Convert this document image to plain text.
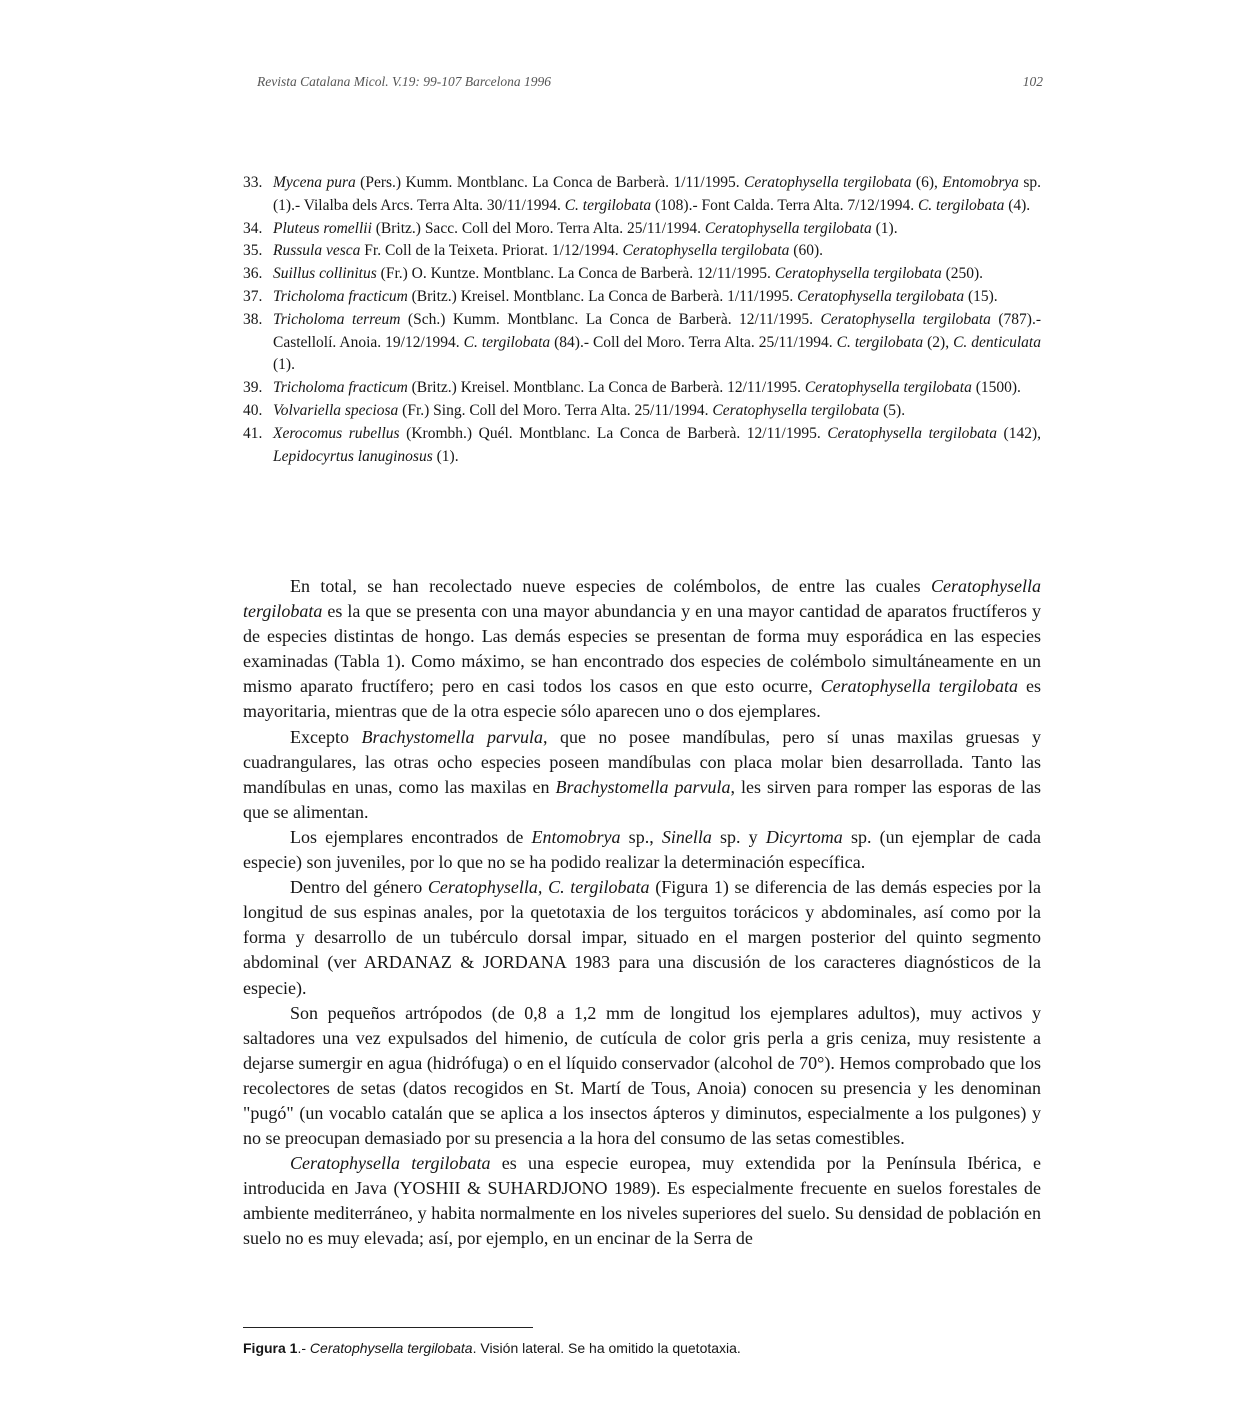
Revista Catalana Micol. V.19: 99-107 Barcelona 1996	102
33. Mycena pura (Pers.) Kumm. Montblanc. La Conca de Barberà. 1/11/1995. Ceratophysella tergilobata (6), Entomobrya sp. (1).- Vilalba dels Arcs. Terra Alta. 30/11/1994. C. tergilobata (108).- Font Calda. Terra Alta. 7/12/1994. C. tergilobata (4).
34. Pluteus romellii (Britz.) Sacc. Coll del Moro. Terra Alta. 25/11/1994. Ceratophysella tergilobata (1).
35. Russula vesca Fr. Coll de la Teixeta. Priorat. 1/12/1994. Ceratophysella tergilobata (60).
36. Suillus collinitus (Fr.) O. Kuntze. Montblanc. La Conca de Barberà. 12/11/1995. Ceratophysella tergilobata (250).
37. Tricholoma fracticum (Britz.) Kreisel. Montblanc. La Conca de Barberà. 1/11/1995. Ceratophysella tergilobata (15).
38. Tricholoma terreum (Sch.) Kumm. Montblanc. La Conca de Barberà. 12/11/1995. Ceratophysella tergilobata (787).- Castellolí. Anoia. 19/12/1994. C. tergilobata (84).- Coll del Moro. Terra Alta. 25/11/1994. C. tergilobata (2), C. denticulata (1).
39. Tricholoma fracticum (Britz.) Kreisel. Montblanc. La Conca de Barberà. 12/11/1995. Ceratophysella tergilobata (1500).
40. Volvariella speciosa (Fr.) Sing. Coll del Moro. Terra Alta. 25/11/1994. Ceratophysella tergilobata (5).
41. Xerocomus rubellus (Krombh.) Quél. Montblanc. La Conca de Barberà. 12/11/1995. Ceratophysella tergilobata (142), Lepidocyrtus lanuginosus (1).

En total, se han recolectado nueve especies de colémbolos, de entre las cuales Ceratophysella tergilobata es la que se presenta con una mayor abundancia y en una mayor cantidad de aparatos fructíferos y de especies distintas de hongo. Las demás especies se presentan de forma muy esporádica en las especies examinadas (Tabla 1). Como máximo, se han encontrado dos especies de colémbolo simultáneamente en un mismo aparato fructífero; pero en casi todos los casos en que esto ocurre, Ceratophysella tergilobata es mayoritaria, mientras que de la otra especie sólo aparecen uno o dos ejemplares.

Excepto Brachystomella parvula, que no posee mandíbulas, pero sí unas maxilas gruesas y cuadrangulares, las otras ocho especies poseen mandíbulas con placa molar bien desarrollada. Tanto las mandíbulas en unas, como las maxilas en Brachystomella parvula, les sirven para romper las esporas de las que se alimentan.

Los ejemplares encontrados de Entomobrya sp., Sinella sp. y Dicyrtoma sp. (un ejemplar de cada especie) son juveniles, por lo que no se ha podido realizar la determinación específica.

Dentro del género Ceratophysella, C. tergilobata (Figura 1) se diferencia de las demás especies por la longitud de sus espinas anales, por la quetotaxia de los terguitos torácicos y abdominales, así como por la forma y desarrollo de un tubérculo dorsal impar, situado en el margen posterior del quinto segmento abdominal (ver ARDANAZ & JORDANA 1983 para una discusión de los caracteres diagnósticos de la especie).

Son pequeños artrópodos (de 0,8 a 1,2 mm de longitud los ejemplares adultos), muy activos y saltadores una vez expulsados del himenio, de cutícula de color gris perla a gris ceniza, muy resistente a dejarse sumergir en agua (hidrófuga) o en el líquido conservador (alcohol de 70°). Hemos comprobado que los recolectores de setas (datos recogidos en St. Martí de Tous, Anoia) conocen su presencia y les denominan "pugó" (un vocablo catalán que se aplica a los insectos ápteros y diminutos, especialmente a los pulgones) y no se preocupan demasiado por su presencia a la hora del consumo de las setas comestibles.

Ceratophysella tergilobata es una especie europea, muy extendida por la Península Ibérica, e introducida en Java (YOSHII & SUHARDJONO 1989). Es especialmente frecuente en suelos forestales de ambiente mediterráneo, y habita normalmente en los niveles superiores del suelo. Su densidad de población en suelo no es muy elevada; así, por ejemplo, en un encinar de la Serra de

Figura 1.- Ceratophysella tergilobata. Visión lateral. Se ha omitido la quetotaxia.
